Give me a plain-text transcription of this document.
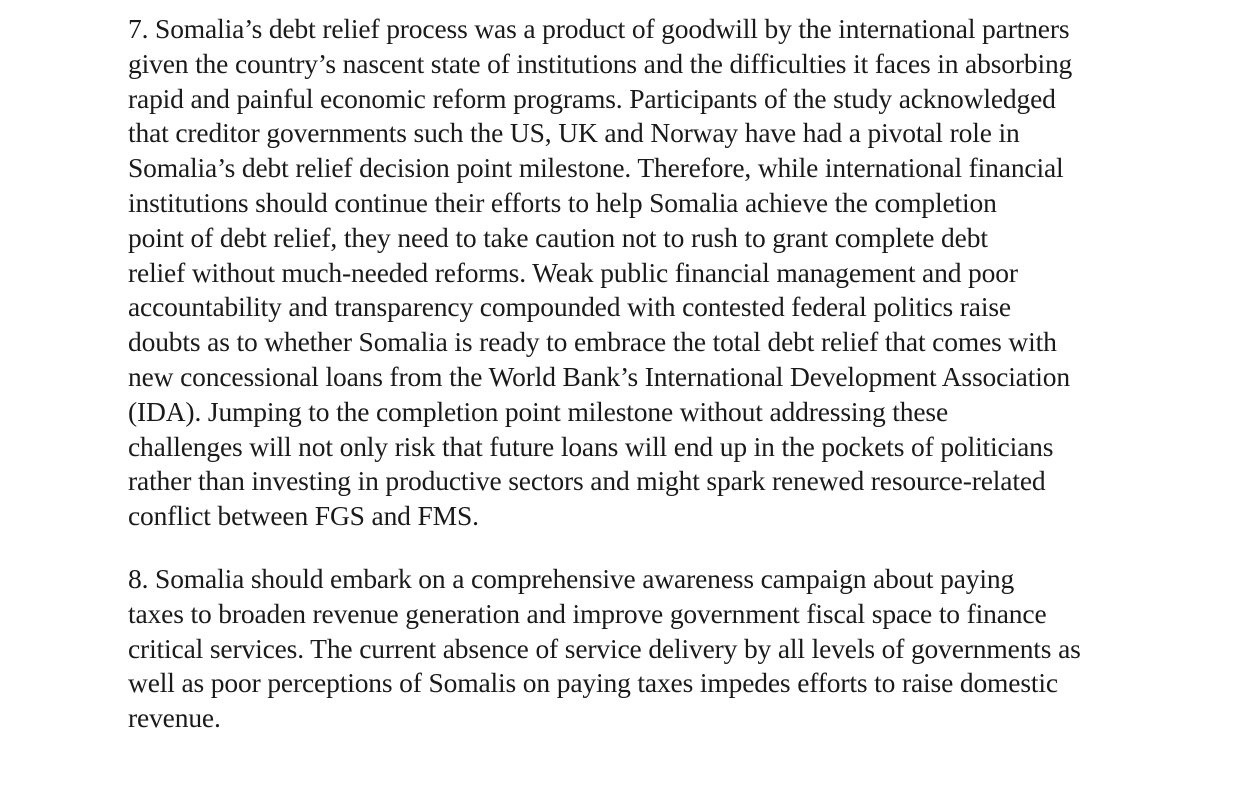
7. Somalia’s debt relief process was a product of goodwill by the international partners
given the country’s nascent state of institutions and the difficulties it faces in absorbing
rapid and painful economic reform programs. Participants of the study acknowledged
that creditor governments such the US, UK and Norway have had a pivotal role in
Somalia’s debt relief decision point milestone. Therefore, while international financial
institutions should continue their efforts to help Somalia achieve the completion
point of debt relief, they need to take caution not to rush to grant complete debt
relief without much-needed reforms. Weak public financial management and poor
accountability and transparency compounded with contested federal politics raise
doubts as to whether Somalia is ready to embrace the total debt relief that comes with
new concessional loans from the World Bank’s International Development Association
(IDA). Jumping to the completion point milestone without addressing these
challenges will not only risk that future loans will end up in the pockets of politicians
rather than investing in productive sectors and might spark renewed resource-related
conflict between FGS and FMS.

8. Somalia should embark on a comprehensive awareness campaign about paying
taxes to broaden revenue generation and improve government fiscal space to finance
critical services. The current absence of service delivery by all levels of governments as
well as poor perceptions of Somalis on paying taxes impedes efforts to raise domestic
revenue.
